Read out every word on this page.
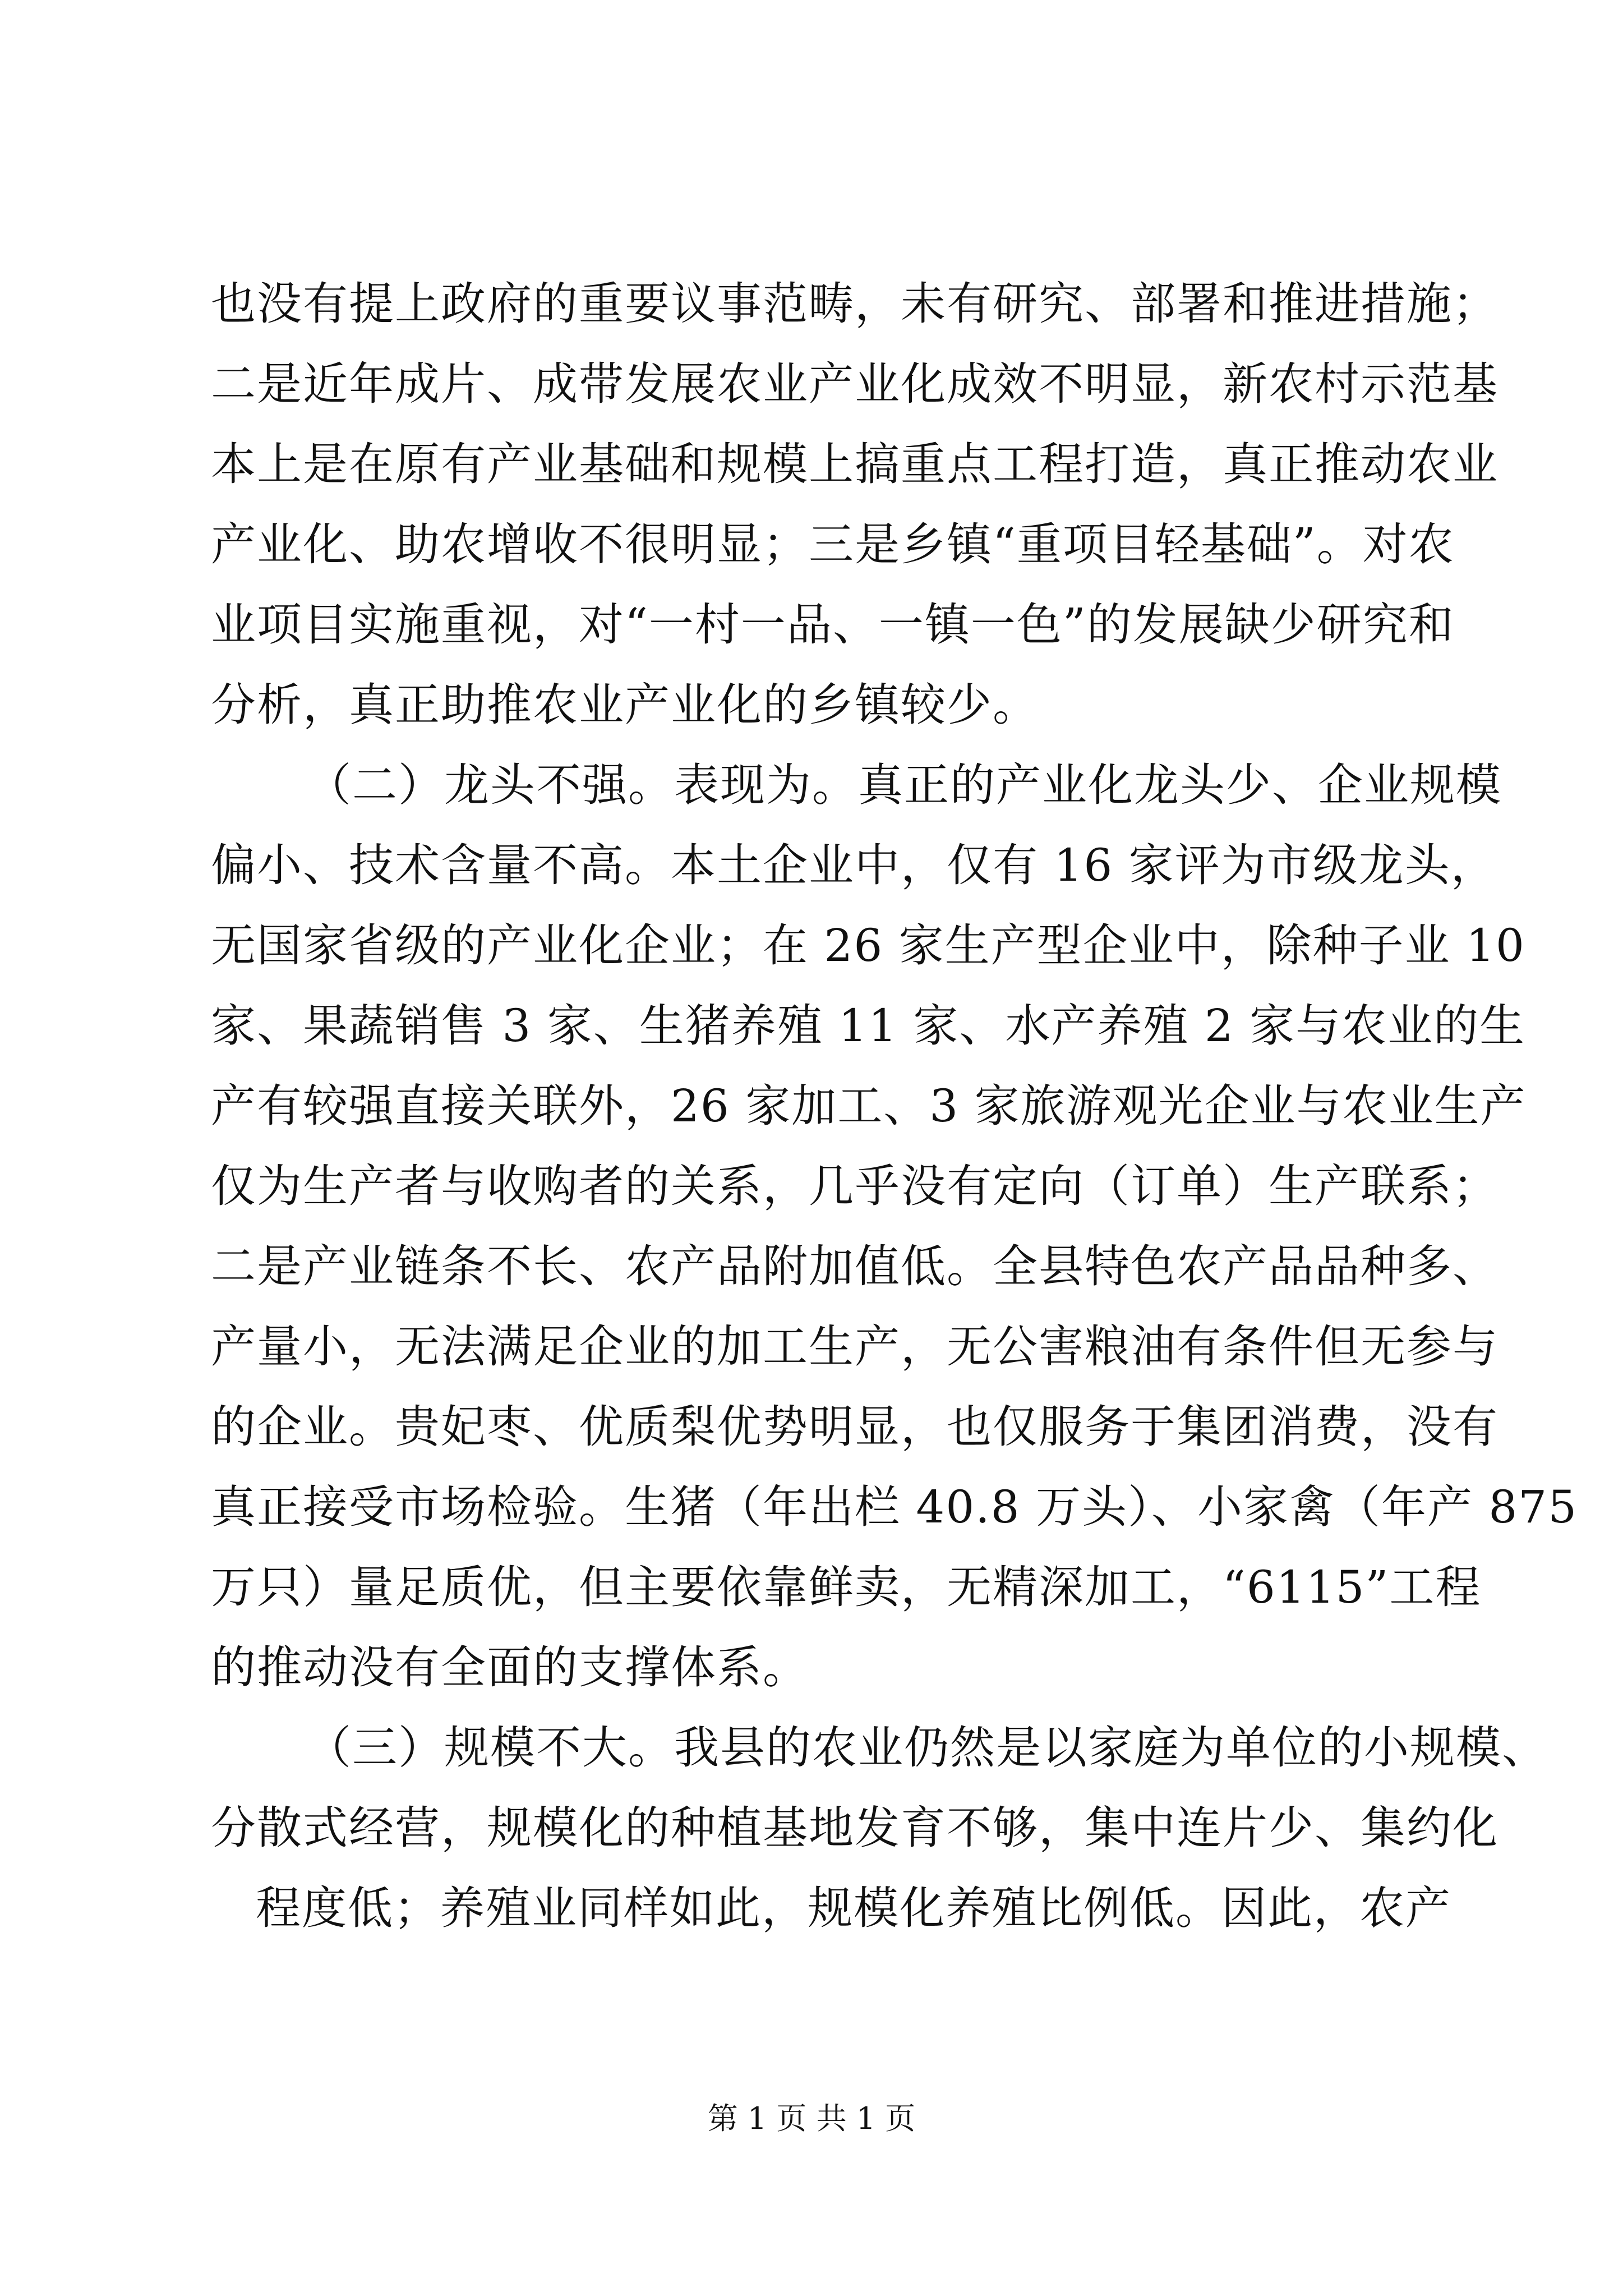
也没有提上政府的重要议事范畴，未有研究、部署和推进措施；
二是近年成片、成带发展农业产业化成效不明显，新农村示范基
本上是在原有产业基础和规模上搞重点工程打造，真正推动农业
产业化、助农增收不很明显；三是乡镇“重项目轻基础”。对农
业项目实施重视，对“一村一品、一镇一色”的发展缺少研究和
分析，真正助推农业产业化的乡镇较少。
（二）龙头不强。表现为。真正的产业化龙头少、企业规模
偏小、技术含量不高。本土企业中，仅有 16 家评为市级龙头，
无国家省级的产业化企业；在 26 家生产型企业中，除种子业 10
家、果蔬销售 3 家、生猪养殖 11 家、水产养殖 2 家与农业的生
产有较强直接关联外，26 家加工、3 家旅游观光企业与农业生产
仅为生产者与收购者的关系，几乎没有定向（订单）生产联系；
二是产业链条不长、农产品附加值低。全县特色农产品品种多、
产量小，无法满足企业的加工生产，无公害粮油有条件但无参与
的企业。贵妃枣、优质梨优势明显，也仅服务于集团消费，没有
真正接受市场检验。生猪（年出栏 40.8 万头）、小家禽（年产 875
万只）量足质优，但主要依靠鲜卖，无精深加工，“6115”工程
的推动没有全面的支撑体系。
（三）规模不大。我县的农业仍然是以家庭为单位的小规模、
分散式经营，规模化的种植基地发育不够，集中连片少、集约化
程度低；养殖业同样如此，规模化养殖比例低。因此，农产
第 1 页 共 1 页
